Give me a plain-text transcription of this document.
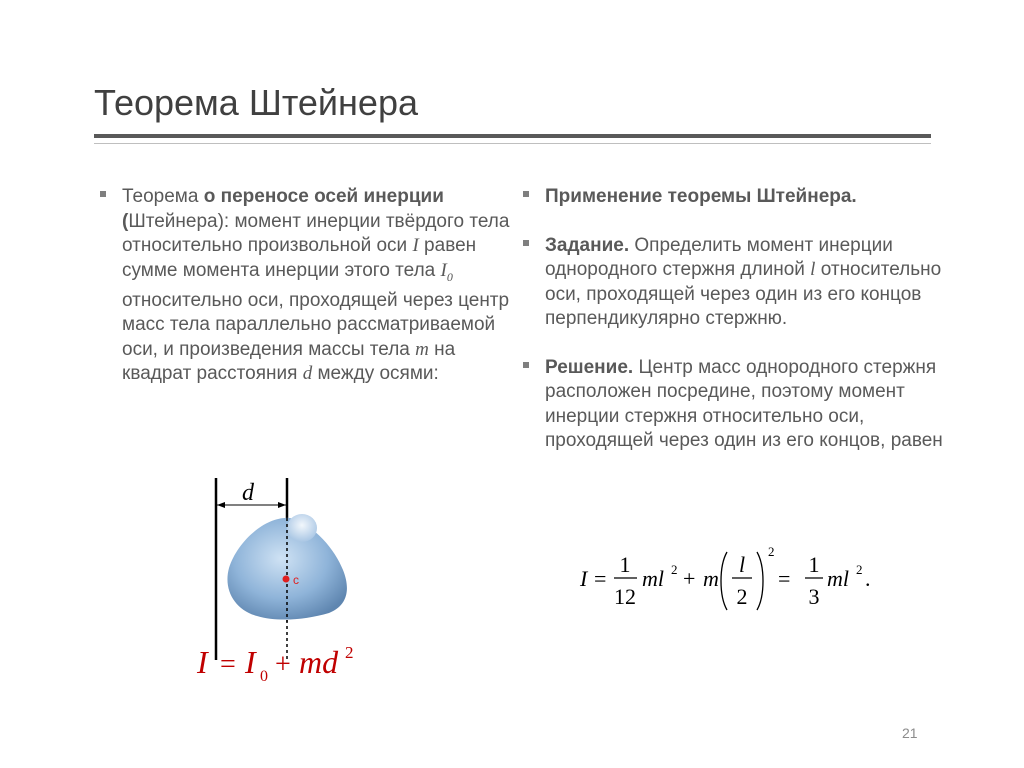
Теорема Штейнера

Теорема о переносе осей инерции (Штейнера): момент инерции твёрдого тела относительно произвольной оси I равен сумме момента инерции этого тела $I_0$ относительно оси, проходящей через центр масс тела параллельно рассматриваемой оси, и произведения массы тела m на квадрат расстояния d между осями:

Применение теоремы Штейнера.

Задание. Определить момент инерции однородного стержня длиной l относительно оси, проходящей через один из его концов перпендикулярно стержню.

Решение. Центр масс однородного стержня расположен посредине, поэтому момент инерции стержня относительно оси, проходящей через один из его концов, равен

d
c
I = I 0 + md 2
I =
1
12
ml 2 + m
l
2
2
=
1
3
ml 2 .
21
